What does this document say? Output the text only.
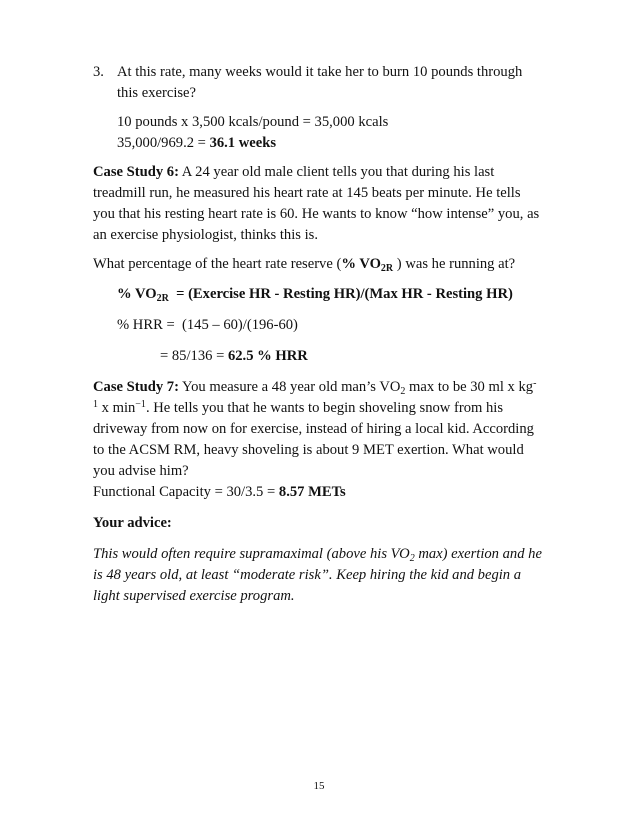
3. At this rate, many weeks would it take her to burn 10 pounds through
this exercise?
10 pounds x 3,500 kcals/pound = 35,000 kcals
35,000/969.2 = 36.1 weeks
Case Study 6: A 24 year old male client tells you that during his last
treadmill run, he measured his heart rate at 145 beats per minute. He tells
you that his resting heart rate is 60. He wants to know “how intense” you, as
an exercise physiologist, thinks this is.
What percentage of the heart rate reserve (% $VO_{2R}$ ) was he running at?
% $VO_{2R}$  = (Exercise HR - Resting HR)/(Max HR - Resting HR)
% HRR =  (145 – 60)/(196-60)
= 85/136 = 62.5 % HRR
Case Study 7: You measure a 48 year old man’s $VO_2$ max to be 30 ml x kg-
$^1$ x $\min^{-1}$. He tells you that he wants to begin shoveling snow from his
driveway from now on for exercise, instead of hiring a local kid. According
to the ACSM RM, heavy shoveling is about 9 MET exertion. What would
you advise him?
Functional Capacity = 30/3.5 = 8.57 METs
Your advice:
This would often require supramaximal (above his $VO_2$ max) exertion and he
is 48 years old, at least “moderate risk”. Keep hiring the kid and begin a
light supervised exercise program.
15
